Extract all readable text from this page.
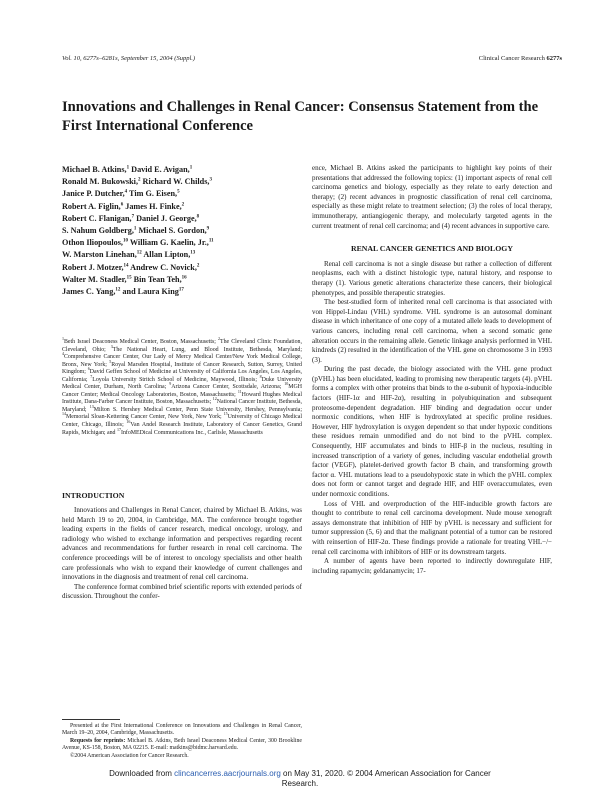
Vol. 10, 6277s–6281s, September 15, 2004 (Suppl.)	Clinical Cancer Research 6277s
Innovations and Challenges in Renal Cancer: Consensus Statement from the First International Conference
Michael B. Atkins,$^1$ David E. Avigan,$^1$
Ronald M. Bukowski,$^2$ Richard W. Childs,$^3$
Janice P. Dutcher,$^4$ Tim G. Eisen,$^5$
Robert A. Figlin,$^6$ James H. Finke,$^2$
Robert C. Flanigan,$^7$ Daniel J. George,$^8$
S. Nahum Goldberg,$^1$ Michael S. Gordon,$^9$
Othon Iliopoulos,$^{10}$ William G. Kaelin, Jr.,$^{11}$
W. Marston Linehan,$^{12}$ Allan Lipton,$^{13}$
Robert J. Motzer,$^{14}$ Andrew C. Novick,$^2$
Walter M. Stadler,$^{15}$ Bin Tean Teh,$^{16}$
James C. Yang,$^{12}$ and Laura King$^{17}$
$^1$Beth Israel Deaconess Medical Center, Boston, Massachusetts; $^2$The Cleveland Clinic Foundation, Cleveland, Ohio; $^3$The National Heart, Lung, and Blood Institute, Bethesda, Maryland; $^4$Comprehensive Cancer Center, Our Lady of Mercy Medical Center/New York Medical College, Bronx, New York; $^5$Royal Marsden Hospital, Institute of Cancer Research, Sutton, Surrey, United Kingdom; $^6$David Geffen School of Medicine at University of California Los Angeles, Los Angeles, California; $^7$Loyola University Stritch School of Medicine, Maywood, Illinois; $^8$Duke University Medical Center, Durham, North Carolina; $^9$Arizona Cancer Center, Scottsdale, Arizona; $^{10}$MGH Cancer Center; Medical Oncology Laboratories, Boston, Massachusetts; $^{11}$Howard Hughes Medical Institute, Dana-Farber Cancer Institute, Boston, Massachusetts; $^{12}$National Cancer Institute, Bethesda, Maryland; $^{13}$Milton S. Hershey Medical Center, Penn State University, Hershey, Pennsylvania; $^{14}$Memorial Sloan-Kettering Cancer Center, New York, New York; $^{15}$University of Chicago Medical Center, Chicago, Illinois; $^{16}$Van Andel Research Institute, Laboratory of Cancer Genetics, Grand Rapids, Michigan; and $^{17}$InfoMEDical Communications Inc., Carlisle, Massachusetts
INTRODUCTION

Innovations and Challenges in Renal Cancer, chaired by Michael B. Atkins, was held March 19 to 20, 2004, in Cambridge, MA. The conference brought together leading experts in the fields of cancer research, medical oncology, urology, and radiology who wished to exchange information and perspectives regarding recent advances and recommendations for further research in renal cell carcinoma. The conference proceedings will be of interest to oncology specialists and other health care professionals who wish to expand their knowledge of current challenges and innovations in the diagnosis and treatment of renal cell carcinoma.

The conference format combined brief scientific reports with extended periods of discussion. Throughout the confer-

Presented at the First International Conference on Innovations and Challenges in Renal Cancer, March 19–20, 2004, Cambridge, Massachusetts.

Requests for reprints: Michael B. Atkins, Beth Israel Deaconess Medical Center, 300 Brookline Avenue, KS-158, Boston, MA 02215. E-mail: matkins@bidmc.harvard.edu.

©2004 American Association for Cancer Research.

ence, Michael B. Atkins asked the participants to highlight key points of their presentations that addressed the following topics: (1) important aspects of renal cell carcinoma genetics and biology, especially as they relate to early detection and therapy; (2) recent advances in prognostic classification of renal cell carcinoma, especially as these might relate to treatment selection; (3) the roles of local therapy, immunotherapy, antiangiogenic therapy, and molecularly targeted agents in the current treatment of renal cell carcinoma; and (4) recent advances in supportive care.

RENAL CANCER GENETICS AND BIOLOGY

Renal cell carcinoma is not a single disease but rather a collection of different neoplasms, each with a distinct histologic type, natural history, and response to therapy (1). Various genetic alterations characterize these cancers, their biological phenotypes, and possible therapeutic strategies.

The best-studied form of inherited renal cell carcinoma is that associated with von Hippel-Lindau (VHL) syndrome. VHL syndrome is an autosomal dominant disease in which inheritance of one copy of a mutated allele leads to development of various cancers, including renal cell carcinoma, when a second somatic gene alteration occurs in the remaining allele. Genetic linkage analysis performed in VHL kindreds (2) resulted in the identification of the VHL gene on chromosome 3 in 1993 (3).

During the past decade, the biology associated with the VHL gene product (pVHL) has been elucidated, leading to promising new therapeutic targets (4). pVHL forms a complex with other proteins that binds to the α-subunit of hypoxia-inducible factors (HIF-1α and HIF-2α), resulting in polyubiquination and subsequent proteosome-dependent degradation. HIF binding and degradation occur under normoxic conditions, when HIF is hydroxylated at specific proline residues. However, HIF hydroxylation is oxygen dependent so that under hypoxic conditions these residues remain unmodified and do not bind to the pVHL complex. Consequently, HIF accumulates and binds to HIF-β in the nucleus, resulting in increased transcription of a variety of genes, including vascular endothelial growth factor (VEGF), platelet-derived growth factor B chain, and transforming growth factor α. VHL mutations lead to a pseudohypoxic state in which the pVHL complex does not form or cannot target and degrade HIF, and HIF overaccumulates, even under normoxic conditions.

Loss of VHL and overproduction of the HIF-inducible growth factors are thought to contribute to renal cell carcinoma development. Nude mouse xenograft assays demonstrate that inhibition of HIF by pVHL is necessary and sufficient for tumor suppression (5, 6) and that the malignant potential of a tumor can be restored with reinsertion of HIF-2α. These findings provide a rationale for treating VHL−/− renal cell carcinoma with inhibitors of HIF or its downstream targets.

A number of agents have been reported to indirectly downregulate HIF, including rapamycin; geldanamycin; 17-

Downloaded from clincancerres.aacrjournals.org on May 31, 2020. © 2004 American Association for Cancer
Research.
